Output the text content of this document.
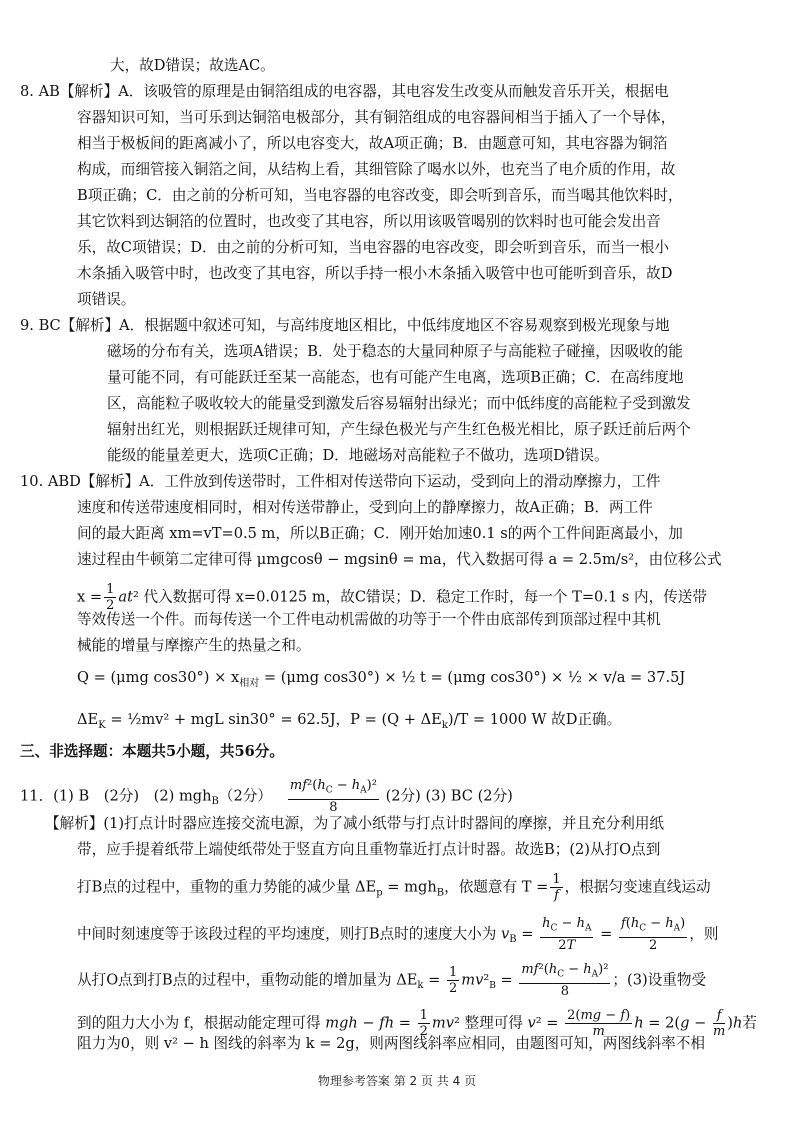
大，故D错误；故选AC。
8. AB【解析】A．该吸管的原理是由铜箔组成的电容器，其电容发生改变从而触发音乐开关，根据电
容器知识可知，当可乐到达铜箔电极部分，其有铜箔组成的电容器间相当于插入了一个导体，
相当于极板间的距离减小了，所以电容变大，故A项正确；B．由题意可知，其电容器为铜箔
构成，而细管接入铜箔之间，从结构上看，其细管除了喝水以外，也充当了电介质的作用，故
B项正确；C．由之前的分析可知，当电容器的电容改变，即会听到音乐，而当喝其他饮料时，
其它饮料到达铜箔的位置时，也改变了其电容，所以用该吸管喝别的饮料时也可能会发出音
乐，故C项错误；D．由之前的分析可知，当电容器的电容改变，即会听到音乐，而当一根小
木条插入吸管中时，也改变了其电容，所以手持一根小木条插入吸管中也可能听到音乐，故D
项错误。
9. BC【解析】A．根据题中叙述可知，与高纬度地区相比，中低纬度地区不容易观察到极光现象与地
磁场的分布有关，选项A错误；B．处于稳态的大量同种原子与高能粒子碰撞，因吸收的能
量可能不同，有可能跃迁至某一高能态，也有可能产生电离，选项B正确；C．在高纬度地
区，高能粒子吸收较大的能量受到激发后容易辐射出绿光；而中低纬度的高能粒子受到激发
辐射出红光，则根据跃迁规律可知，产生绿色极光与产生红色极光相比，原子跃迁前后两个
能级的能量差更大，选项C正确；D．地磁场对高能粒子不做功，选项D错误。
10. ABD【解析】A．工件放到传送带时，工件相对传送带向下运动，受到向上的滑动摩擦力，工件
速度和传送带速度相同时，相对传送带静止，受到向上的静摩擦力，故A正确；B．两工件
间的最大距离 xm=vT=0.5 m，所以B正确；C．刚开始加速0.1 s的两个工件间距离最小，加
速过程由牛顿第二定律可得 μmgcosθ − mgsinθ = ma，代入数据可得 a = 2.5m/s²，由位移公式
$x = \frac{1}{2} at^2$ 代入数据可得 x=0.0125 m，故C错误；D．稳定工作时，每一个 T=0.1 s 内，传送带
等效传送一个件。而每传送一个工件电动机需做的功等于一个件由底部传到顶部过程中其机
械能的增量与摩擦产生的热量之和。
Q = (μmg $\cos 30^\circ) \times x_{相对} = (\mu mg$ cos30°) × ½ t = (μmg cos30°) × ½ × v/a = 37.5J
$\Delta E_K$ = ½mv² + mgL sin30° = 62.5J，$P = (Q + \Delta E_k)/T = 1000$ W 故D正确。
三、非选择题：本题共5小题，共56分。
11．(1) B　(2分)　(2) mgh$_B$（2分） $\frac{mf^2(h_C - h_A)^2}{8} (2$分) (3) BC (2分)
【解析】(1)打点计时器应连接交流电源，为了减小纸带与打点计时器间的摩擦，并且充分利用纸
带，应手提着纸带上端使纸带处于竖直方向且重物靠近打点计时器。故选B；(2)从打O点到
打B点的过程中，重物的重力势能的减少量 $\Delta E_p = mgh_B$，依题意有 $T = \frac{1}{f}$ ，根据匀变速直线运动
中间时刻速度等于该段过程的平均速度，则打B点时的速度大小为 $v_B = \frac{h_C - h_A}{2T} = \frac{f(h_C - h_A)}{2}$ ，则
从打O点到打B点的过程中，重物动能的增加量为 $\Delta E_k = \frac{1}{2} mv^2_B = \frac{mf^2(h_C - h_A)^2}{8}$ ；(3)设重物受
到的阻力大小为 f，根据动能定理可得 mgh − fh = $\frac{1}{2} mv^2$ 整理可得 $v^2 = \frac{2(mg - f)}{m}$ $h = 2(g - \frac{f}{m} )h$若
阻力为0，则 v² − h 图线的斜率为 k = 2g，则两图线斜率应相同，由题图可知，两图线斜率不相
物理参考答案 第 2 页 共 4 页
